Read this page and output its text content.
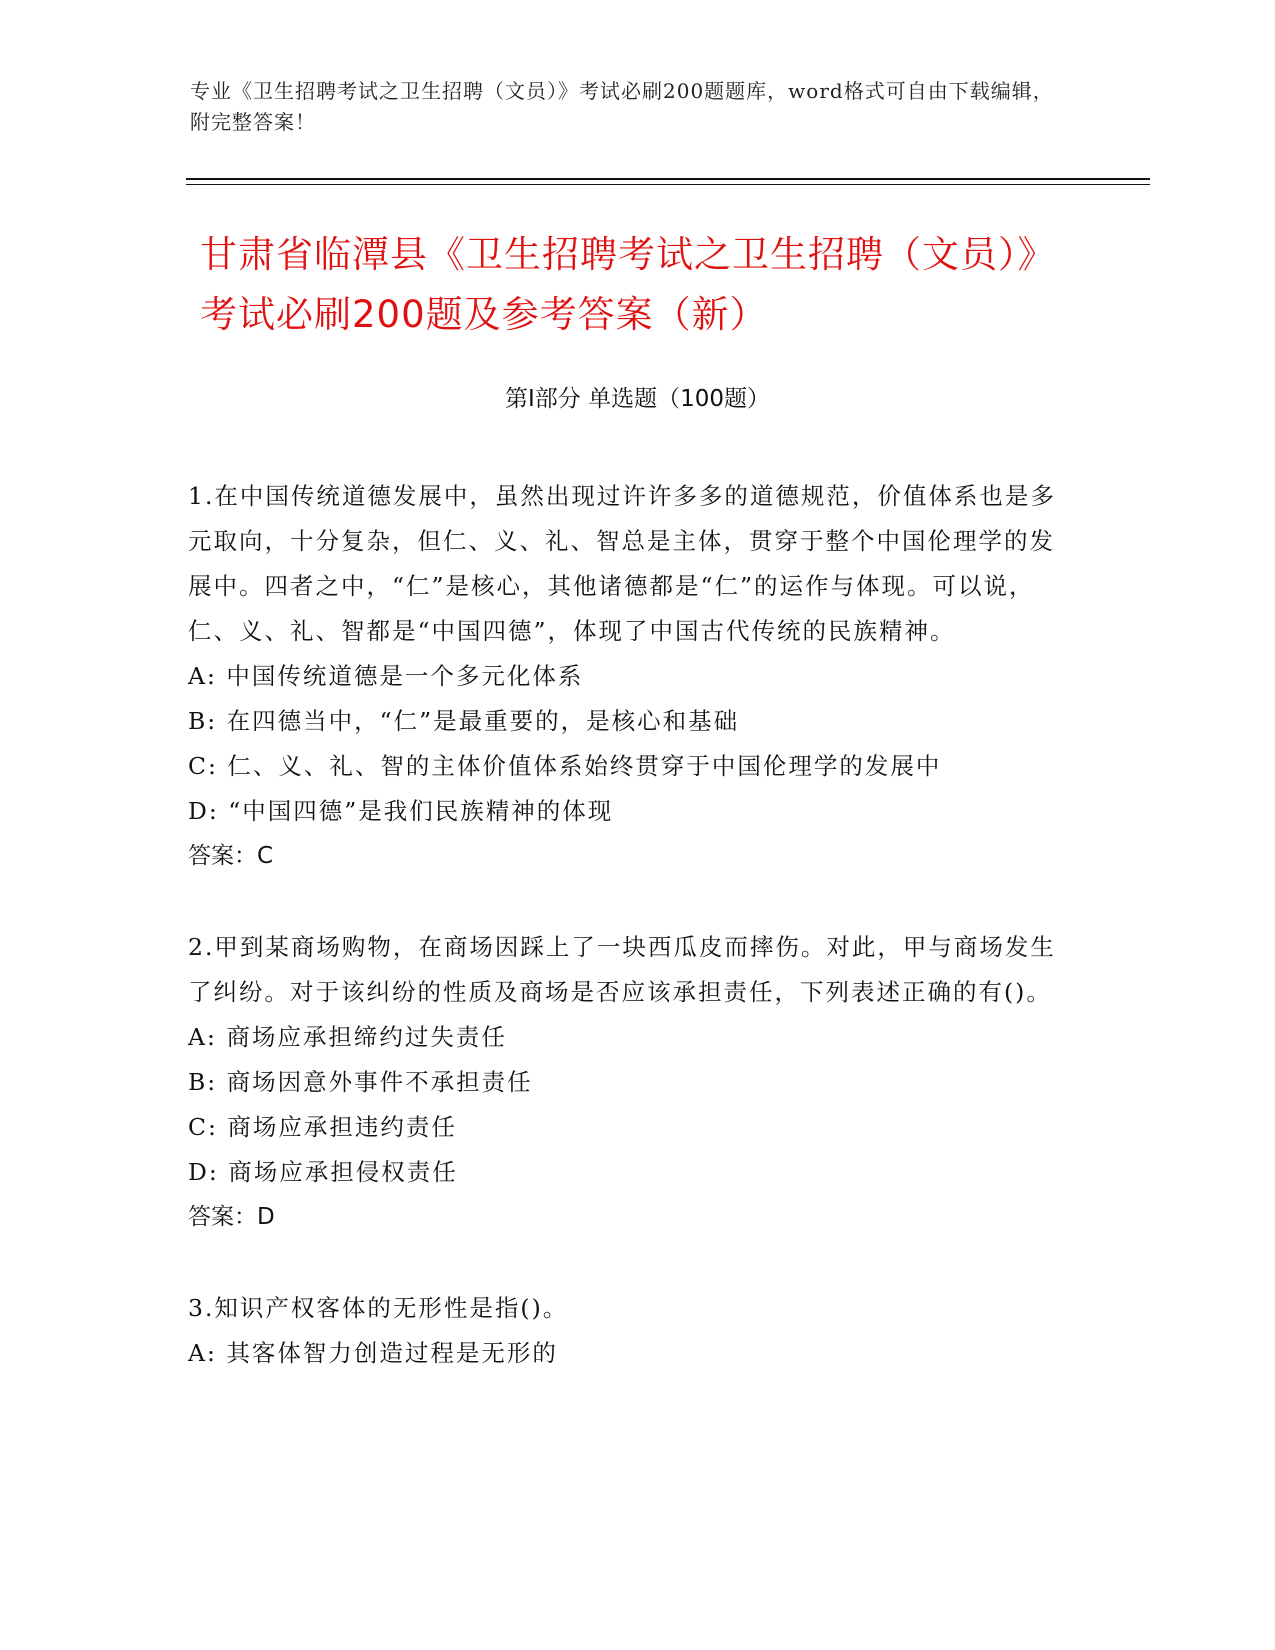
专业《卫生招聘考试之卫生招聘（文员）》考试必刷200题题库，word格式可自由下载编辑，附完整答案！
甘肃省临潭县《卫生招聘考试之卫生招聘（文员）》考试必刷200题及参考答案（新）
第Ⅰ部分 单选题（100题）

1.在中国传统道德发展中，虽然出现过许许多多的道德规范，价值体系也是多元取向，十分复杂，但仁、义、礼、智总是主体，贯穿于整个中国伦理学的发展中。四者之中，“仁”是核心，其他诸德都是“仁”的运作与体现。可以说，仁、义、礼、智都是“中国四德”，体现了中国古代传统的民族精神。

A: 中国传统道德是一个多元化体系

B: 在四德当中，“仁”是最重要的，是核心和基础

C: 仁、义、礼、智的主体价值体系始终贯穿于中国伦理学的发展中

D: “中国四德”是我们民族精神的体现

答案：C

2.甲到某商场购物，在商场因踩上了一块西瓜皮而摔伤。对此，甲与商场发生了纠纷。对于该纠纷的性质及商场是否应该承担责任，下列表述正确的有()。

A: 商场应承担缔约过失责任

B: 商场因意外事件不承担责任

C: 商场应承担违约责任

D: 商场应承担侵权责任

答案：D

3.知识产权客体的无形性是指()。

A: 其客体智力创造过程是无形的
